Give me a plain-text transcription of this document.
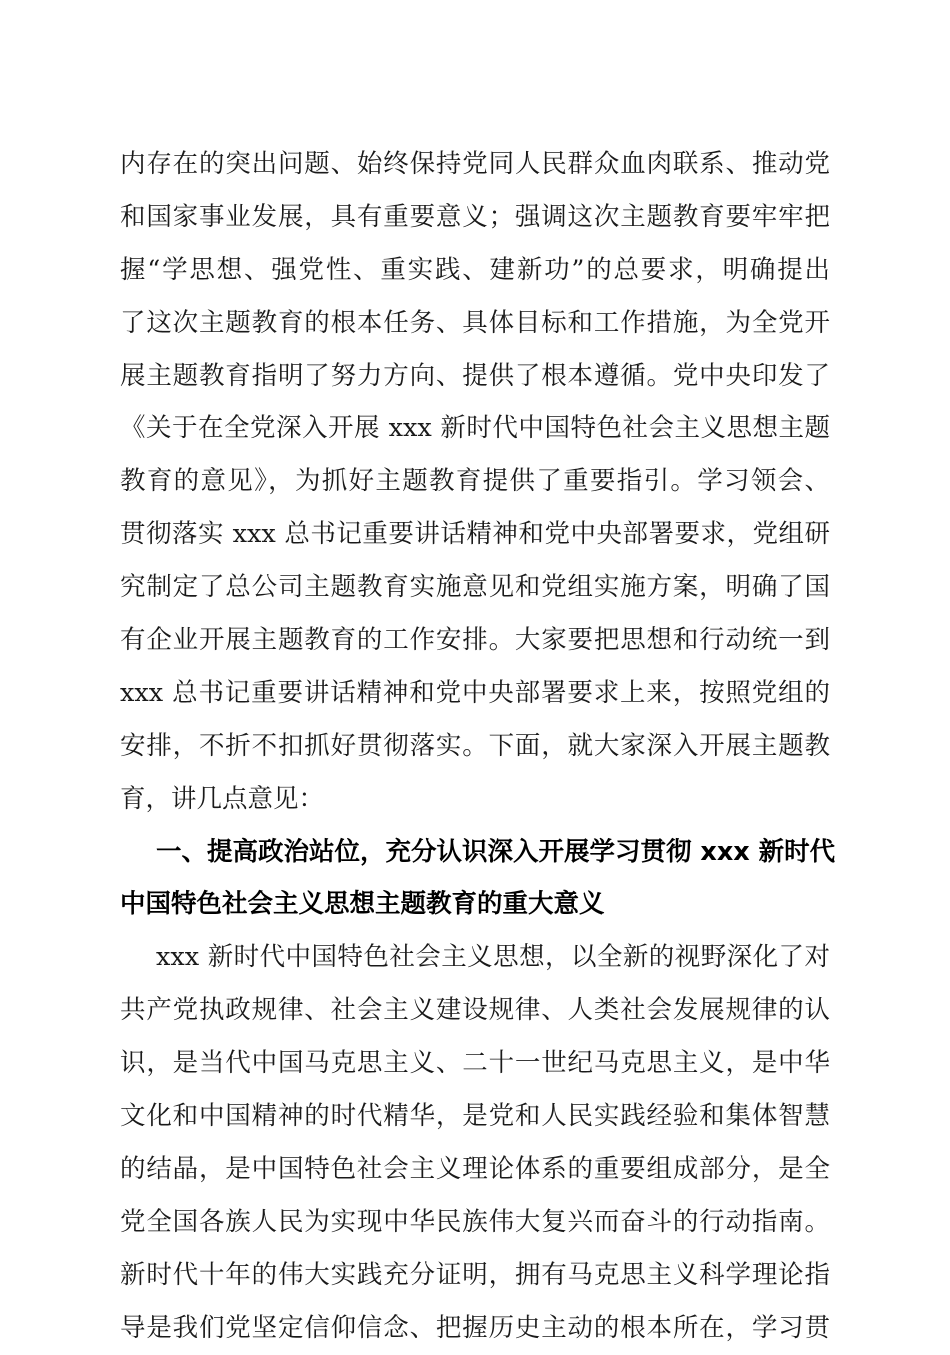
内存在的突出问题、始终保持党同人民群众血肉联系、推动党
和国家事业发展，具有重要意义；强调这次主题教育要牢牢把
握“学思想、强党性、重实践、建新功”的总要求，明确提出
了这次主题教育的根本任务、具体目标和工作措施，为全党开
展主题教育指明了努力方向、提供了根本遵循。党中央印发了
《关于在全党深入开展 xxx 新时代中国特色社会主义思想主题
教育的意见》，为抓好主题教育提供了重要指引。学习领会、
贯彻落实 xxx 总书记重要讲话精神和党中央部署要求，党组研
究制定了总公司主题教育实施意见和党组实施方案，明确了国
有企业开展主题教育的工作安排。大家要把思想和行动统一到
xxx 总书记重要讲话精神和党中央部署要求上来，按照党组的
安排，不折不扣抓好贯彻落实。下面，就大家深入开展主题教
育，讲几点意见：
一、提高政治站位，充分认识深入开展学习贯彻 xxx 新时代
中国特色社会主义思想主题教育的重大意义
xxx 新时代中国特色社会主义思想，以全新的视野深化了对
共产党执政规律、社会主义建设规律、人类社会发展规律的认
识，是当代中国马克思主义、二十一世纪马克思主义，是中华
文化和中国精神的时代精华，是党和人民实践经验和集体智慧
的结晶，是中国特色社会主义理论体系的重要组成部分，是全
党全国各族人民为实现中华民族伟大复兴而奋斗的行动指南。
新时代十年的伟大实践充分证明，拥有马克思主义科学理论指
导是我们党坚定信仰信念、把握历史主动的根本所在，学习贯
